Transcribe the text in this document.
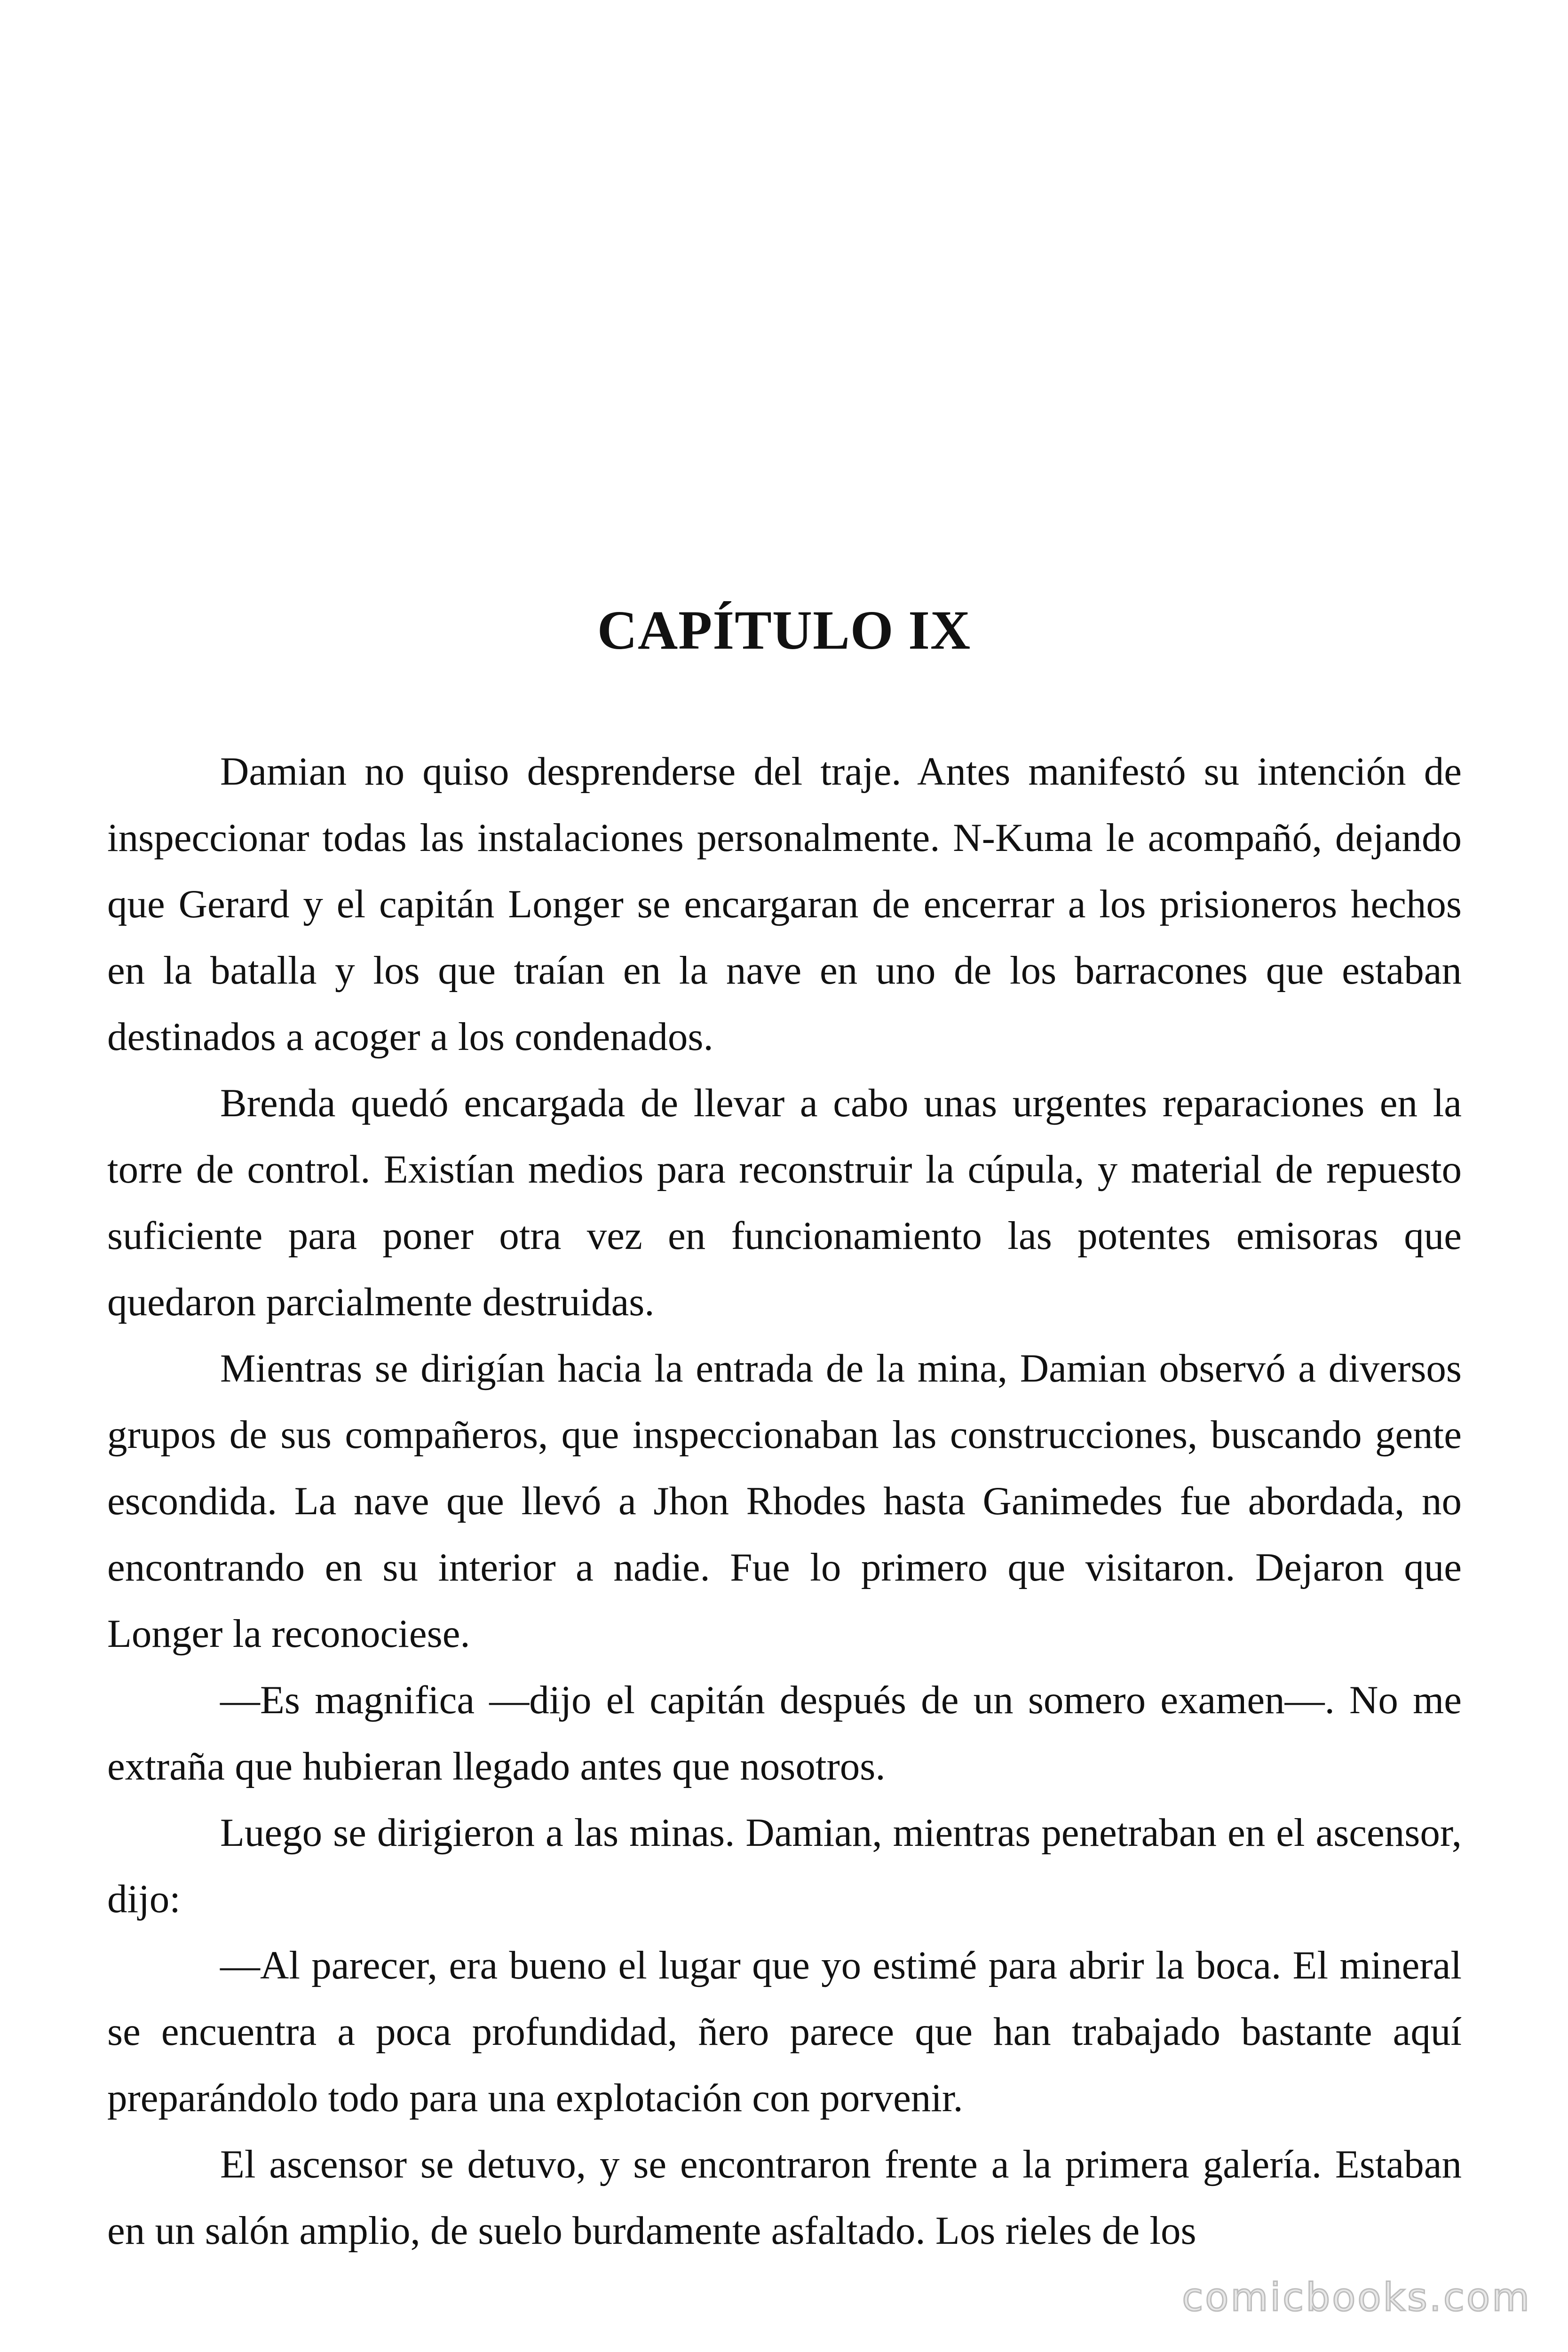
CAPÍTULO IX

Damian no quiso desprenderse del traje. Antes manifestó su intención de inspeccionar todas las instalaciones personalmente. N-Kuma le acompañó, dejando que Gerard y el capitán Longer se encargaran de encerrar a los prisioneros hechos en la batalla y los que traían en la nave en uno de los barracones que estaban destinados a acoger a los condenados.

Brenda quedó encargada de llevar a cabo unas urgentes reparaciones en la torre de control. Existían medios para reconstruir la cúpula, y material de repuesto suficiente para poner otra vez en funcionamiento las potentes emisoras que quedaron parcialmente destruidas.

Mientras se dirigían hacia la entrada de la mina, Damian observó a diversos grupos de sus compañeros, que inspeccionaban las construcciones, buscando gente escondida. La nave que llevó a Jhon Rhodes hasta Ganimedes fue abordada, no encontrando en su interior a nadie. Fue lo primero que visitaron. Dejaron que Longer la reconociese.

—Es magnifica —dijo el capitán después de un somero examen—. No me extraña que hubieran llegado antes que nosotros.

Luego se dirigieron a las minas. Damian, mientras penetraban en el ascensor, dijo:

—Al parecer, era bueno el lugar que yo estimé para abrir la boca. El mineral se encuentra a poca profundidad, ñero parece que han trabajado bastante aquí preparándolo todo para una explotación con porvenir.

El ascensor se detuvo, y se encontraron frente a la primera galería. Estaban en un salón amplio, de suelo burdamente asfaltado. Los rieles de los

comicbooks.com
